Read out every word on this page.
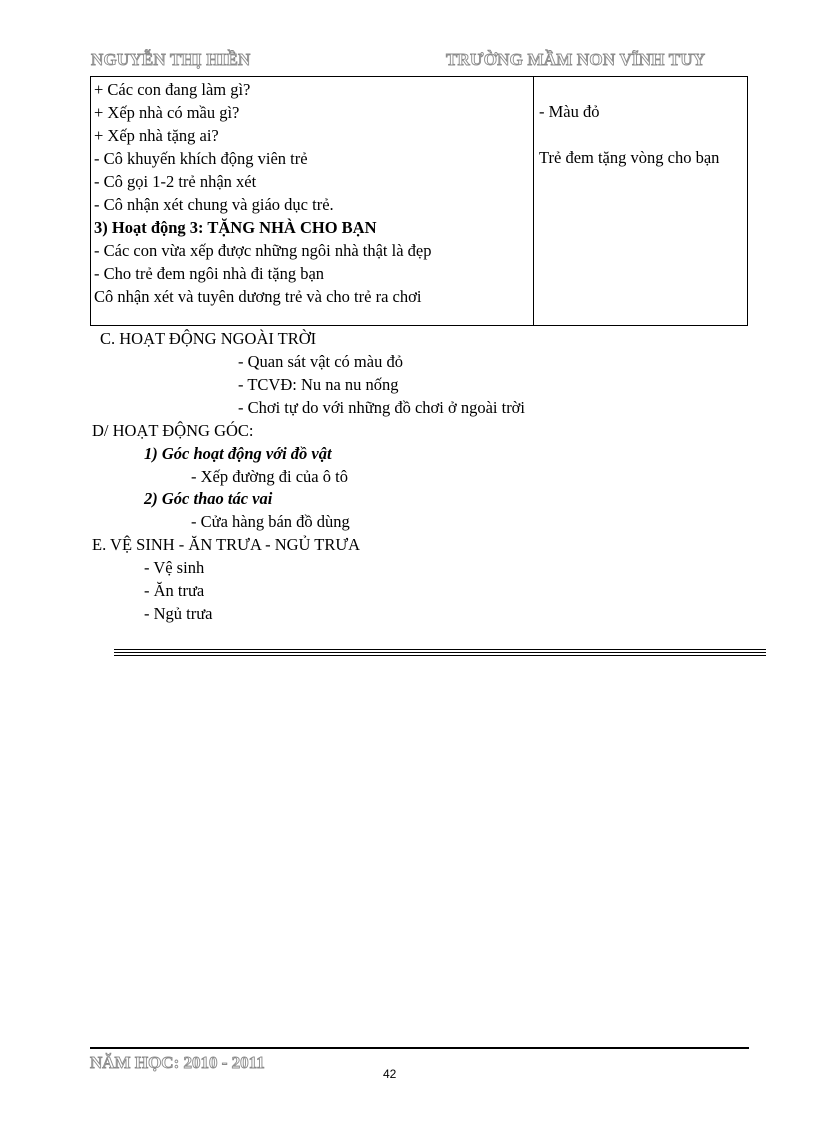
NGUYỄN THỊ HIỀN	TRƯỜNG MẦM NON VĨNH TUY
+ Các con đang làm gì?
+ Xếp nhà có mầu gì?
+ Xếp nhà tặng ai?
- Cô khuyến khích động viên trẻ
- Cô gọi 1-2 trẻ nhận xét
- Cô nhận xét chung và giáo dục trẻ.
3) Hoạt động 3: TẶNG NHÀ CHO BẠN
- Các con vừa xếp được những ngôi nhà thật là đẹp
- Cho trẻ đem ngôi nhà đi tặng bạn
Cô nhận xét và tuyên dương trẻ và cho trẻ ra chơi
- Màu đỏ
Trẻ đem tặng vòng cho bạn
C. HOẠT ĐỘNG NGOÀI TRỜI
- Quan sát vật có màu đỏ
- TCVĐ: Nu na nu nống
- Chơi tự do với những đồ chơi ở ngoài trời
D/ HOẠT ĐỘNG GÓC:
1) Góc hoạt động với đồ vật
- Xếp đường đi của ô tô
2) Góc thao tác vai
- Cửa hàng bán đồ dùng
E. VỆ SINH - ĂN TRƯA - NGỦ TRƯA
- Vệ sinh
- Ăn trưa
- Ngủ trưa
NĂM HỌC: 2010 - 2011
42
